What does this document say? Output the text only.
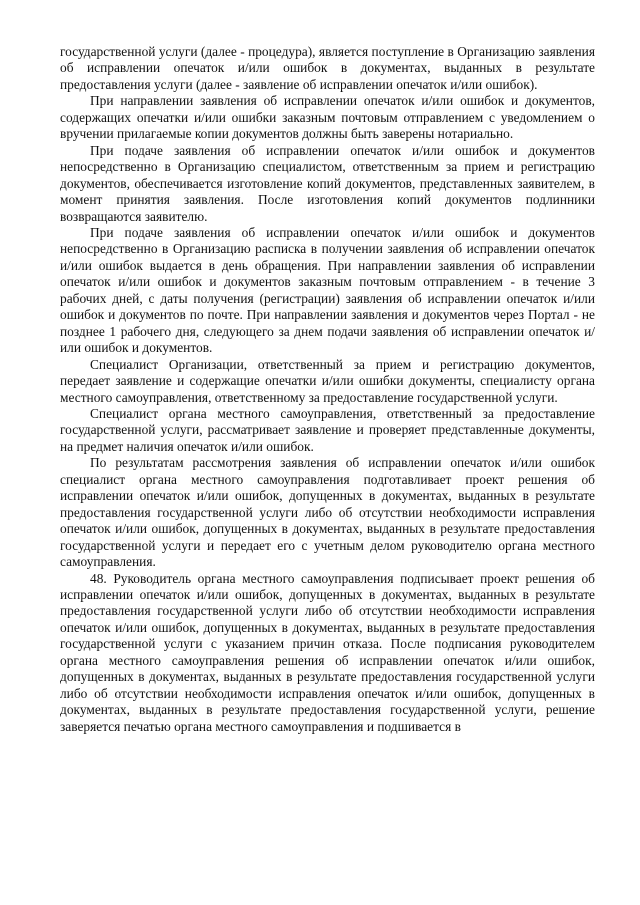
государственной услуги (далее - процедура), является поступление в Организацию заявления об исправлении опечаток и/или ошибок в документах, выданных в результате предоставления услуги (далее - заявление об исправлении опечаток и/или ошибок).

При направлении заявления об исправлении опечаток и/или ошибок и документов, содержащих опечатки и/или ошибки заказным почтовым отправлением с уведомлением о вручении прилагаемые копии документов должны быть заверены нотариально.

При подаче заявления об исправлении опечаток и/или ошибок и документов непосредственно в Организацию специалистом, ответственным за прием и регистрацию документов, обеспечивается изготовление копий документов, представленных заявителем, в момент принятия заявления. После изготовления копий документов подлинники возвращаются заявителю.

При подаче заявления об исправлении опечаток и/или ошибок и документов непосредственно в Организацию расписка в получении заявления об исправлении опечаток и/или ошибок выдается в день обращения. При направлении заявления об исправлении опечаток и/или ошибок и документов заказным почтовым отправлением - в течение 3 рабочих дней, с даты получения (регистрации) заявления об исправлении опечаток и/или ошибок и документов по почте. При направлении заявления и документов через Портал - не позднее 1 рабочего дня, следующего за днем подачи заявления об исправлении опечаток и/или ошибок и документов.

Специалист Организации, ответственный за прием и регистрацию документов, передает заявление и содержащие опечатки и/или ошибки документы, специалисту органа местного самоуправления, ответственному за предоставление государственной услуги.

Специалист органа местного самоуправления, ответственный за предоставление государственной услуги, рассматривает заявление и проверяет представленные документы, на предмет наличия опечаток и/или ошибок.

По результатам рассмотрения заявления об исправлении опечаток и/или ошибок специалист органа местного самоуправления подготавливает проект решения об исправлении опечаток и/или ошибок, допущенных в документах, выданных в результате предоставления государственной услуги либо об отсутствии необходимости исправления опечаток и/или ошибок, допущенных в документах, выданных в результате предоставления государственной услуги и передает его с учетным делом руководителю органа местного самоуправления.

48. Руководитель органа местного самоуправления подписывает проект решения об исправлении опечаток и/или ошибок, допущенных в документах, выданных в результате предоставления государственной услуги либо об отсутствии необходимости исправления опечаток и/или ошибок, допущенных в документах, выданных в результате предоставления государственной услуги с указанием причин отказа. После подписания руководителем органа местного самоуправления решения об исправлении опечаток и/или ошибок, допущенных в документах, выданных в результате предоставления государственной услуги либо об отсутствии необходимости исправления опечаток и/или ошибок, допущенных в документах, выданных в результате предоставления государственной услуги, решение заверяется печатью органа местного самоуправления и подшивается в
